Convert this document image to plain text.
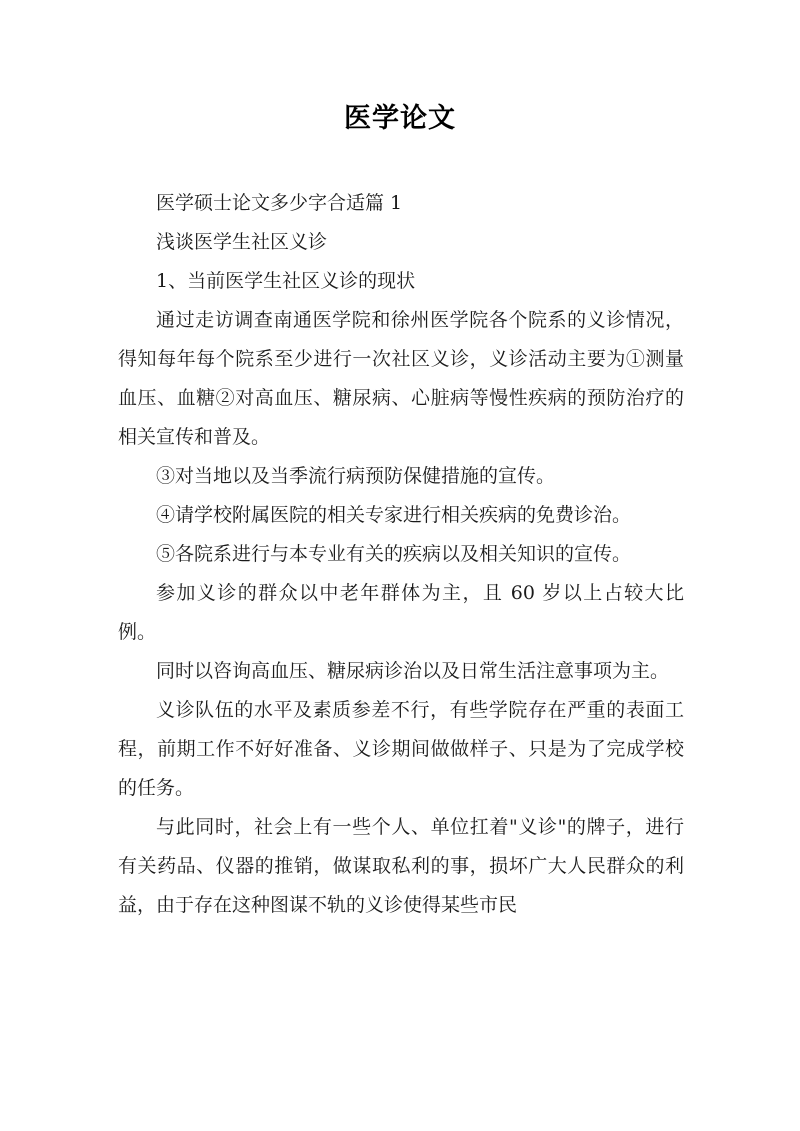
医学论文

医学硕士论文多少字合适篇 1

浅谈医学生社区义诊

1、当前医学生社区义诊的现状

通过走访调查南通医学院和徐州医学院各个院系的义诊情况，得知每年每个院系至少进行一次社区义诊，义诊活动主要为①测量血压、血糖②对高血压、糖尿病、心脏病等慢性疾病的预防治疗的相关宣传和普及。

③对当地以及当季流行病预防保健措施的宣传。

④请学校附属医院的相关专家进行相关疾病的免费诊治。

⑤各院系进行与本专业有关的疾病以及相关知识的宣传。

参加义诊的群众以中老年群体为主，且 60 岁以上占较大比例。

同时以咨询高血压、糖尿病诊治以及日常生活注意事项为主。

义诊队伍的水平及素质参差不行，有些学院存在严重的表面工程，前期工作不好好准备、义诊期间做做样子、只是为了完成学校的任务。

与此同时，社会上有一些个人、单位扛着"义诊"的牌子，进行有关药品、仪器的推销，做谋取私利的事，损坏广大人民群众的利益，由于存在这种图谋不轨的义诊使得某些市民
